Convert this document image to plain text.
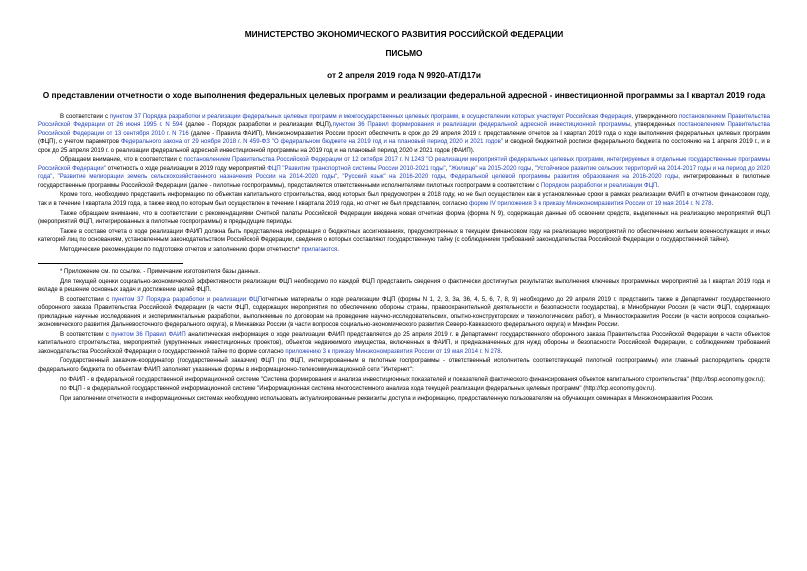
МИНИСТЕРСТВО ЭКОНОМИЧЕСКОГО РАЗВИТИЯ РОССИЙСКОЙ ФЕДЕРАЦИИ
ПИСЬМО
от 2 апреля 2019 года N 9920-АТ/Д17и
О представлении отчетности о ходе выполнения федеральных целевых программ и реализации федеральной адресной - инвестиционной программы за I квартал 2019 года

В соответствии с пунктом 37 Порядка разработки и реализации федеральных целевых программ и межгосударственных целевых программ, в осуществлении которых участвует Российская Федерация, утвержденного постановлением Правительства Российской Федерации от 26 июня 1995 г. N 594 (далее - Порядок разработки и реализации ФЦП),пунктом 36 Правил формирования и реализации федеральной адресной инвестиционной программы, утвержденных постановлением Правительства Российской Федерации от 13 сентября 2010 г. N 716 (далее - Правила ФАИП), Минэкономразвития России просит обеспечить в срок до 29 апреля 2019 г. представление отчетов за I квартал 2019 года о ходе выполнения федеральных целевых программ (ФЦП), с учетом параметров Федерального закона от 29 ноября 2018 г. N 459-ФЗ "О федеральном бюджете на 2019 год и на плановый период 2020 и 2021 годов" и сводной бюджетной росписи федерального бюджета по состоянию на 1 апреля 2019 г., и в срок до 25 апреля 2019 г. о реализации федеральной адресной инвестиционной программы на 2019 год и на плановый период 2020 и 2021 годов (ФАИП).

Обращаем внимание, что в соответствии с постановлением Правительства Российской Федерации от 12 октября 2017 г. N 1243 "О реализации мероприятий федеральных целевых программ, интегрируемых в отдельные государственные программы Российской Федерации" отчетность о ходе реализации в 2019 году мероприятий ФЦП "Развитие транспортной системы России 2010-2021 годы", "Жилище" на 2015-2020 годы, "Устойчивое развитие сельских территорий на 2014-2017 годы и на период до 2020 года", "Развитие мелиорации земель сельскохозяйственного назначения России на 2014-2020 годы", "Русский язык" на 2016-2020 годы, Федеральной целевой программы развития образования на 2016-2020 годы, интегрированных в пилотные государственные программы Российской Федерации (далее - пилотные госпрограммы), представляется ответственными исполнителями пилотных госпрограмм в соответствии с Порядком разработки и реализации ФЦП.

Кроме того, необходимо представить информацию по объектам капитального строительства, ввод которых был предусмотрен в 2018 году, но не был осуществлен как в установленные сроки в рамках реализации ФАИП в отчетном финансовом году, так и в течение I квартала 2019 года, а также ввод по которым был осуществлен в течение I квартала 2019 года, но отчет не был представлен, согласно форме IV приложения 3 к приказу Минэкономразвития России от 19 мая 2014 г. N 278.

Также обращаем внимание, что в соответствии с рекомендациями Счетной палаты Российской Федерации введена новая отчетная форма (форма N 9), содержащая данные об освоении средств, выделенных на реализацию мероприятий ФЦП (мероприятий ФЦП, интегрированных в пилотные госпрограммы) в предыдущие периоды.

Также в составе отчета о ходе реализации ФАИП должна быть представлена информация о бюджетных ассигнованиях, предусмотренных в текущем финансовом году на реализацию мероприятий по обеспечению жильем военнослужащих и иных категорий лиц по основаниям, установленным законодательством Российской Федерации, сведения о которых составляют государственную тайну (с соблюдением требований законодательства Российской Федерации о государственной тайне).

Методические рекомендации по подготовке отчетов и заполнению форм отчетности* прилагаются.

* Приложение см. по ссылке. - Примечание изготовителя базы данных.

Для текущей оценки социально-экономической эффективности реализации ФЦП необходимо по каждой ФЦП представить сведения о фактически достигнутых результатах выполнения ключевых программных мероприятий за I квартал 2019 года и вкладе в решение основных задач и достижение целей ФЦП.

В соответствии с пунктом 37 Порядка разработки и реализации ФЦПотчетные материалы о ходе реализации ФЦП (формы N 1, 2, 3, 3а, 36, 4, 5, 6, 7, 8, 9) необходимо до 29 апреля 2019 г. представить также в Департамент государственного оборонного заказа Правительства Российской Федерации (в части ФЦП, содержащих мероприятия по обеспечению обороны страны, правоохранительной деятельности и безопасности государства), в Минобрнауки России (в части ФЦП, содержащих прикладные научные исследования и экспериментальные разработки, выполняемые по договорам на проведение научно-исследовательских, опытно-конструкторских и технологических работ), в Минвостокразвития России (в части вопросов социально-экономического развития Дальневосточного федерального округа), в Минкавказ России (в части вопросов социально-экономического развития Северо-Кавказского федерального округа) и Минфин России.

В соответствии с пунктом 36 Правил ФАИП аналитическая информация о ходе реализации ФАИП представляется до 25 апреля 2019 г. в Департамент государственного оборонного заказа Правительства Российской Федерации в части объектов капитального строительства, мероприятий (укрупненных инвестиционных проектов), объектов недвижимого имущества, включенных в ФАИП, и предназначенных для нужд обороны и безопасности Российской Федерации, с соблюдением требований законодательства Российской Федерации о государственной тайне по форме согласно приложению 3 к приказу Минэкономразвития России от 19 мая 2014 г. N 278.

Государственный заказчик-координатор (государственный заказчик) ФЦП (по ФЦП, интегрированным в пилотные госпрограммы - ответственный исполнитель соответствующей пилотной госпрограммы) или главный распорядитель средств федерального бюджета по объектам ФАИП заполняет указанные формы в информационно-телекоммуникационной сети "Интернет":

по ФАИП - в федеральной государственной информационной системе "Система формирования и анализа инвестиционных показателей и показателей фактического финансирования объектов капитального строительства" (http://bsp.economy.gov.ru);

по ФЦП - в федеральной государственной информационной системе "Информационная система многосистемного анализа хода текущей реализации федеральных целевых программ" (http://fcp.economy.gov.ru).

При заполнении отчетности в информационных системах необходимо использовать актуализированные реквизиты доступа и информацию, предоставленную пользователям на обучающих семинарах в Минэкономразвития России.
